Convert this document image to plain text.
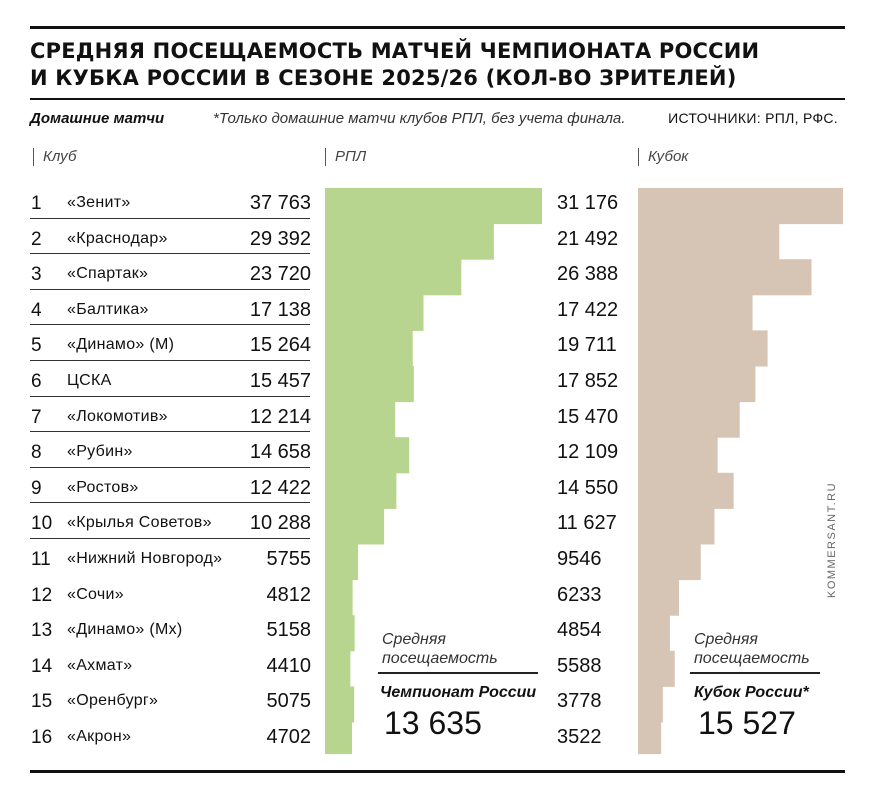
СРЕДНЯЯ ПОСЕЩАЕМОСТЬ МАТЧЕЙ ЧЕМПИОНАТА РОССИИ
И КУБКА РОССИИ В СЕЗОНЕ 2025/26 (КОЛ-ВО ЗРИТЕЛЕЙ)
Домашние матчи	*Только домашние матчи клубов РПЛ, без учета финала.	ИСТОЧНИКИ: РПЛ, РФС.
Клуб	РПЛ	Кубок
1 «Зенит»	37 763	31 176
2 «Краснодар»	29 392	21 492
3 «Спартак»	23 720	26 388
4 «Балтика»	17 138	17 422
5 «Динамо» (М)	15 264	19 711
6 ЦСКА	15 457	17 852
7 «Локомотив»	12 214	15 470
8 «Рубин»	14 658	12 109
9 «Ростов»	12 422	14 550
10 «Крылья Советов» 10 288	11 627
11 «Нижний Новгород» 5755	9546
12 «Сочи»	4812	6233
13 «Динамо» (Мх)	5158	4854
14 «Ахмат»	4410	5588
15 «Оренбург»	5075	3778
16 «Акрон»	4702	3522
Средняя посещаемость
Чемпионат России
13 635
Средняя посещаемость
Кубок России*
15 527
KOMMERSANT.RU
